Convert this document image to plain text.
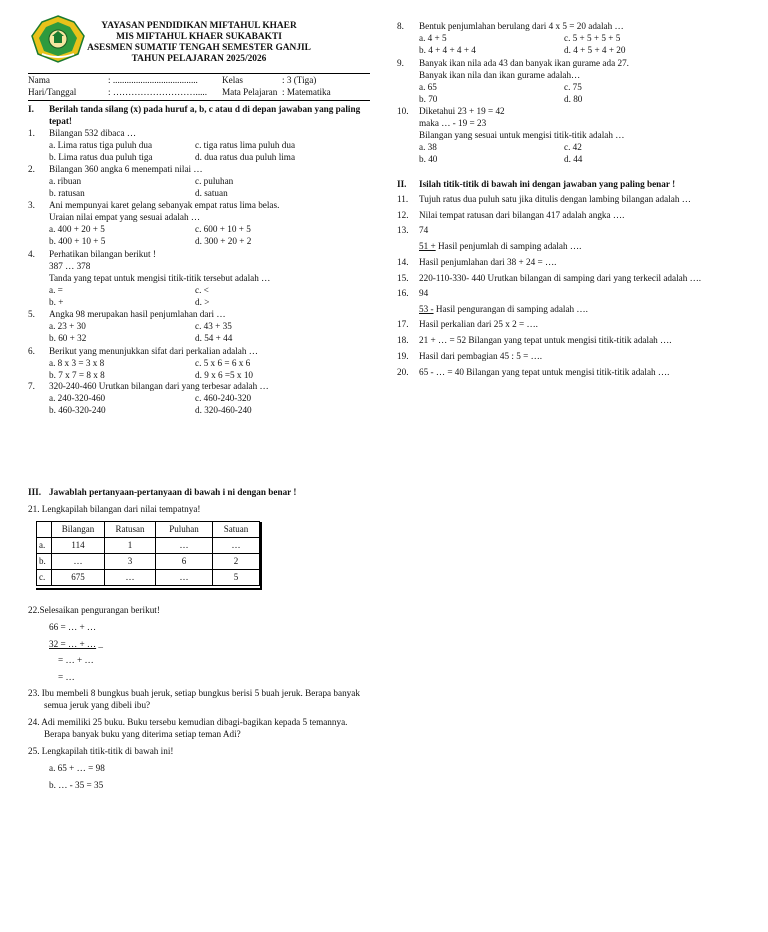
YAYASAN PENDIDIKAN MIFTAHUL KHAER
MIS MIFTAHUL KHAER SUKABAKTI
ASESMEN SUMATIF TENGAH SEMESTER GANJIL
TAHUN PELAJARAN 2025/2026
Nama	: .....................................	Kelas	: 3 (Tiga)
Hari/Tanggal	: ………………………..... Mata Pelajaran : Matematika
I. Berilah tanda silang (x) pada huruf a, b, c atau d di depan jawaban yang paling
tepat!
1. Bilangan 532 dibaca …
a. Lima ratus tiga puluh dua	c. tiga ratus lima puluh dua
b. Lima ratus dua puluh tiga	d. dua ratus dua puluh lima
2. Bilangan 360 angka 6 menempati nilai …
a. ribuan	c. puluhan
b. ratusan	d. satuan
3. Ani mempunyai karet gelang sebanyak empat ratus lima belas.
Uraian nilai empat yang sesuai adalah …
a. 400 + 20 + 5	c. 600 + 10 + 5
b. 400 + 10 + 5	d. 300 + 20 + 2
4. Perhatikan bilangan berikut !
387 … 378
Tanda yang tepat untuk mengisi titik-titik tersebut adalah …
a. =	c. <
b. +	d. >
5. Angka 98 merupakan hasil penjumlahan dari …
a. 23 + 30	c. 43 + 35
b. 60 + 32	d. 54 + 44
6. Berikut yang menunjukkan sifat dari perkalian adalah …
a. 8 x 3 = 3 x 8	c. 5 x 6 = 6 x 6
b. 7 x 7 = 8 x 8	d. 9 x 6 =5 x 10
7. 320-240-460 Urutkan bilangan dari yang terbesar adalah …
a. 240-320-460	c. 460-240-320
b. 460-320-240	d. 320-460-240
8. Bentuk penjumlahan berulang dari 4 x 5 = 20 adalah …
a. 4 + 5	c. 5 + 5 + 5 + 5
b. 4 + 4 + 4 + 4	d. 4 + 5 + 4 + 20
9. Banyak ikan nila ada 43 dan banyak ikan gurame ada 27.
Banyak ikan nila dan ikan gurame adalah…
a. 65	c. 75
b. 70	d. 80
10. Diketahui 23 + 19 = 42
maka … - 19 = 23
Bilangan yang sesuai untuk mengisi titik-titik adalah …
a. 38	c. 42
b. 40	d. 44
II. Isilah titik-titik di bawah ini dengan jawaban yang paling benar !
11. Tujuh ratus dua puluh satu jika ditulis dengan lambing bilangan adalah …
12. Nilai tempat ratusan dari bilangan 417 adalah angka ….
13. 74
51 + Hasil penjumlah di samping adalah ….
14. Hasil penjumlahan dari 38 + 24 = ….
15. 220-110-330- 440 Urutkan bilangan di samping dari yang terkecil adalah ….
16. 94
53 - Hasil pengurangan di samping adalah ….
17. Hasil perkalian dari 25 x 2 = ….
18. 21 + … = 52 Bilangan yang tepat untuk mengisi titik-titik adalah ….
19. Hasil dari pembagian 45 : 5 = ….
20. 65 - … = 40 Bilangan yang tepat untuk mengisi titik-titik adalah ….
III. Jawablah pertanyaan-pertanyaan di bawah i ni dengan benar !
21. Lengkapilah bilangan dari nilai tempatnya!
	Bilangan	Ratusan	Puluhan	Satuan
a.	114	1	…	…
b.	…	3	6	2
c.	675	…	…	5
22.Selesaikan pengurangan berikut!
66 = … + …
32 = … + … _
= … + …
= …
23. Ibu membeli 8 bungkus buah jeruk, setiap bungkus berisi 5 buah jeruk. Berapa banyak
semua jeruk yang dibeli ibu?
24. Adi memiliki 25 buku. Buku tersebu kemudian dibagi-bagikan kepada 5 temannya.
Berapa banyak buku yang diterima setiap teman Adi?
25. Lengkapilah titik-titik di bawah ini!
a. 65 + … = 98
b. … - 35 = 35
